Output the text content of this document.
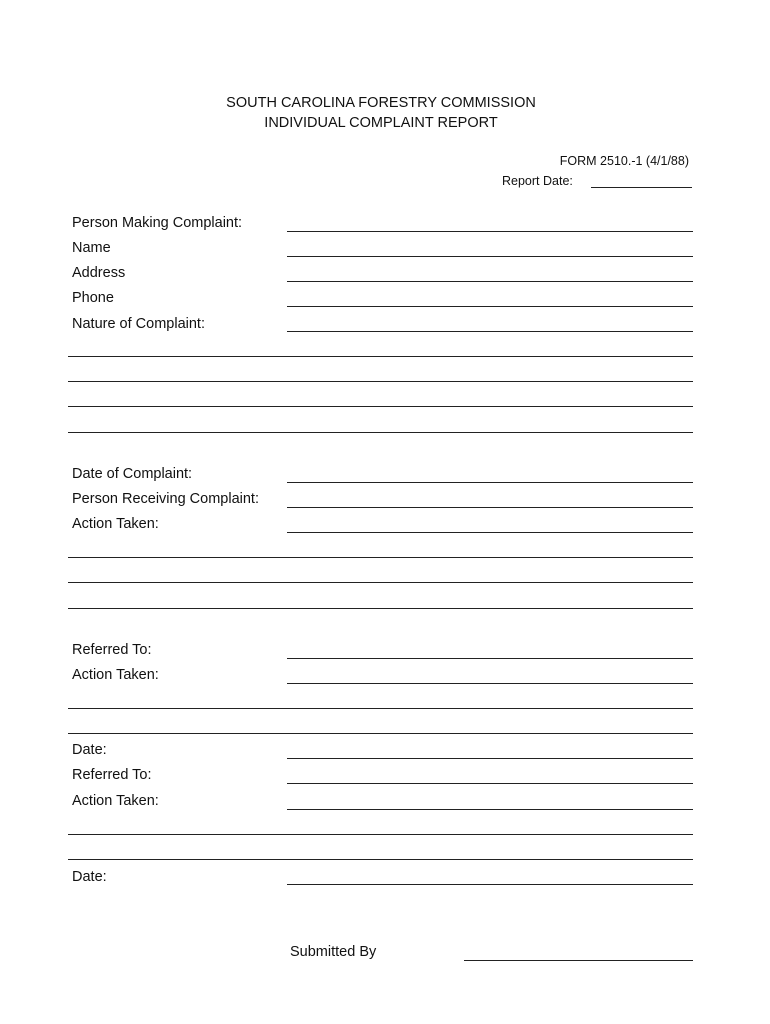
SOUTH CAROLINA FORESTRY COMMISSION
INDIVIDUAL COMPLAINT REPORT
FORM 2510.-1 (4/1/88)
Report Date:
Person Making Complaint:
Name
Address
Phone
Nature of Complaint:
Date of Complaint:
Person Receiving Complaint:
Action Taken:
Referred To:
Action Taken:
Date:
Referred To:
Action Taken:
Date:
Submitted By
